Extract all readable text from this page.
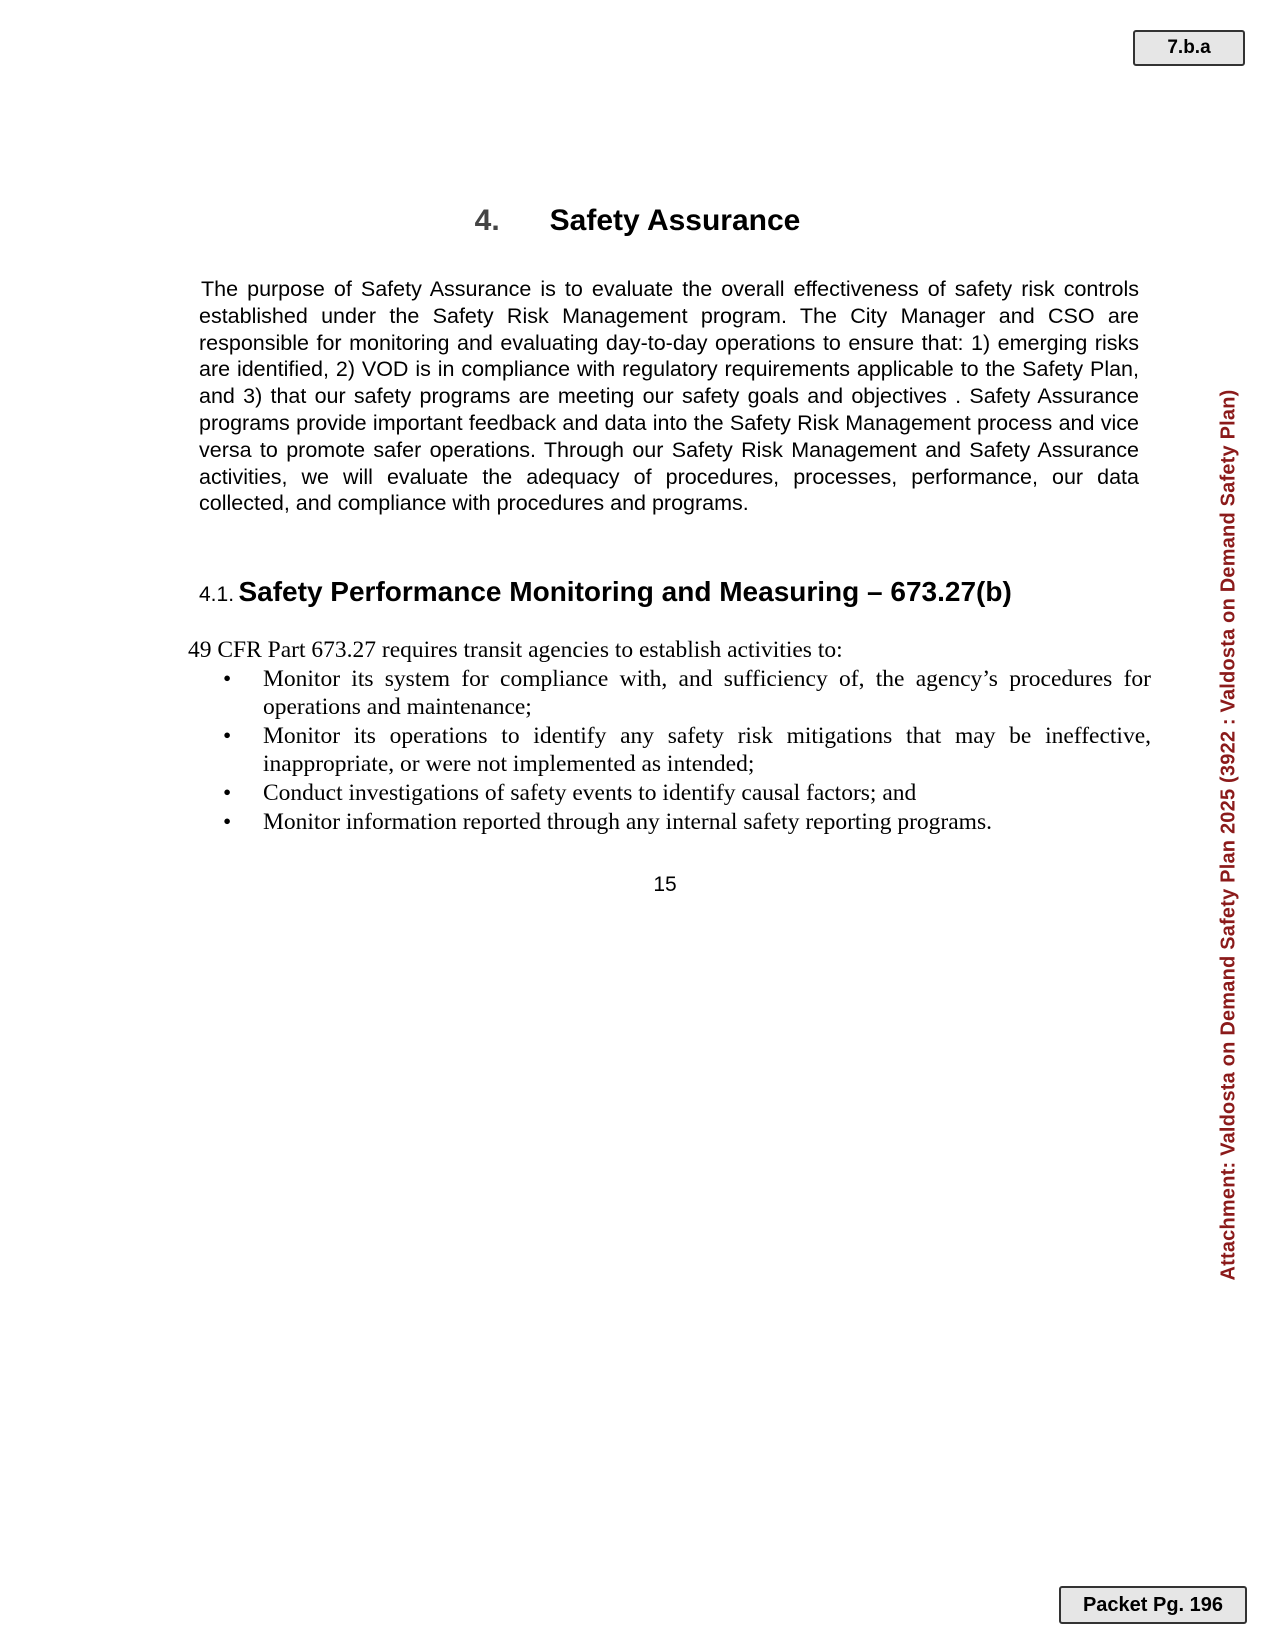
7.b.a
Attachment: Valdosta on Demand Safety Plan 2025 (3922 : Valdosta on Demand Safety Plan)
4. Safety Assurance

The purpose of Safety Assurance is to evaluate the overall effectiveness of safety risk controls established under the Safety Risk Management program. The City Manager and CSO are responsible for monitoring and evaluating day-to-day operations to ensure that: 1) emerging risks are identified, 2) VOD is in compliance with regulatory requirements applicable to the Safety Plan, and 3) that our safety programs are meeting our safety goals and objectives . Safety Assurance programs provide important feedback and data into the Safety Risk Management process and vice versa to promote safer operations. Through our Safety Risk Management and Safety Assurance activities, we will evaluate the adequacy of procedures, processes, performance, our data collected, and compliance with procedures and programs.

4.1. Safety Performance Monitoring and Measuring – 673.27(b)

49 CFR Part 673.27 requires transit agencies to establish activities to:

• Monitor its system for compliance with, and sufficiency of, the agency’s procedures for operations and maintenance;
• Monitor its operations to identify any safety risk mitigations that may be ineffective, inappropriate, or were not implemented as intended;
• Conduct investigations of safety events to identify causal factors; and
• Monitor information reported through any internal safety reporting programs.
15
Packet Pg. 196
